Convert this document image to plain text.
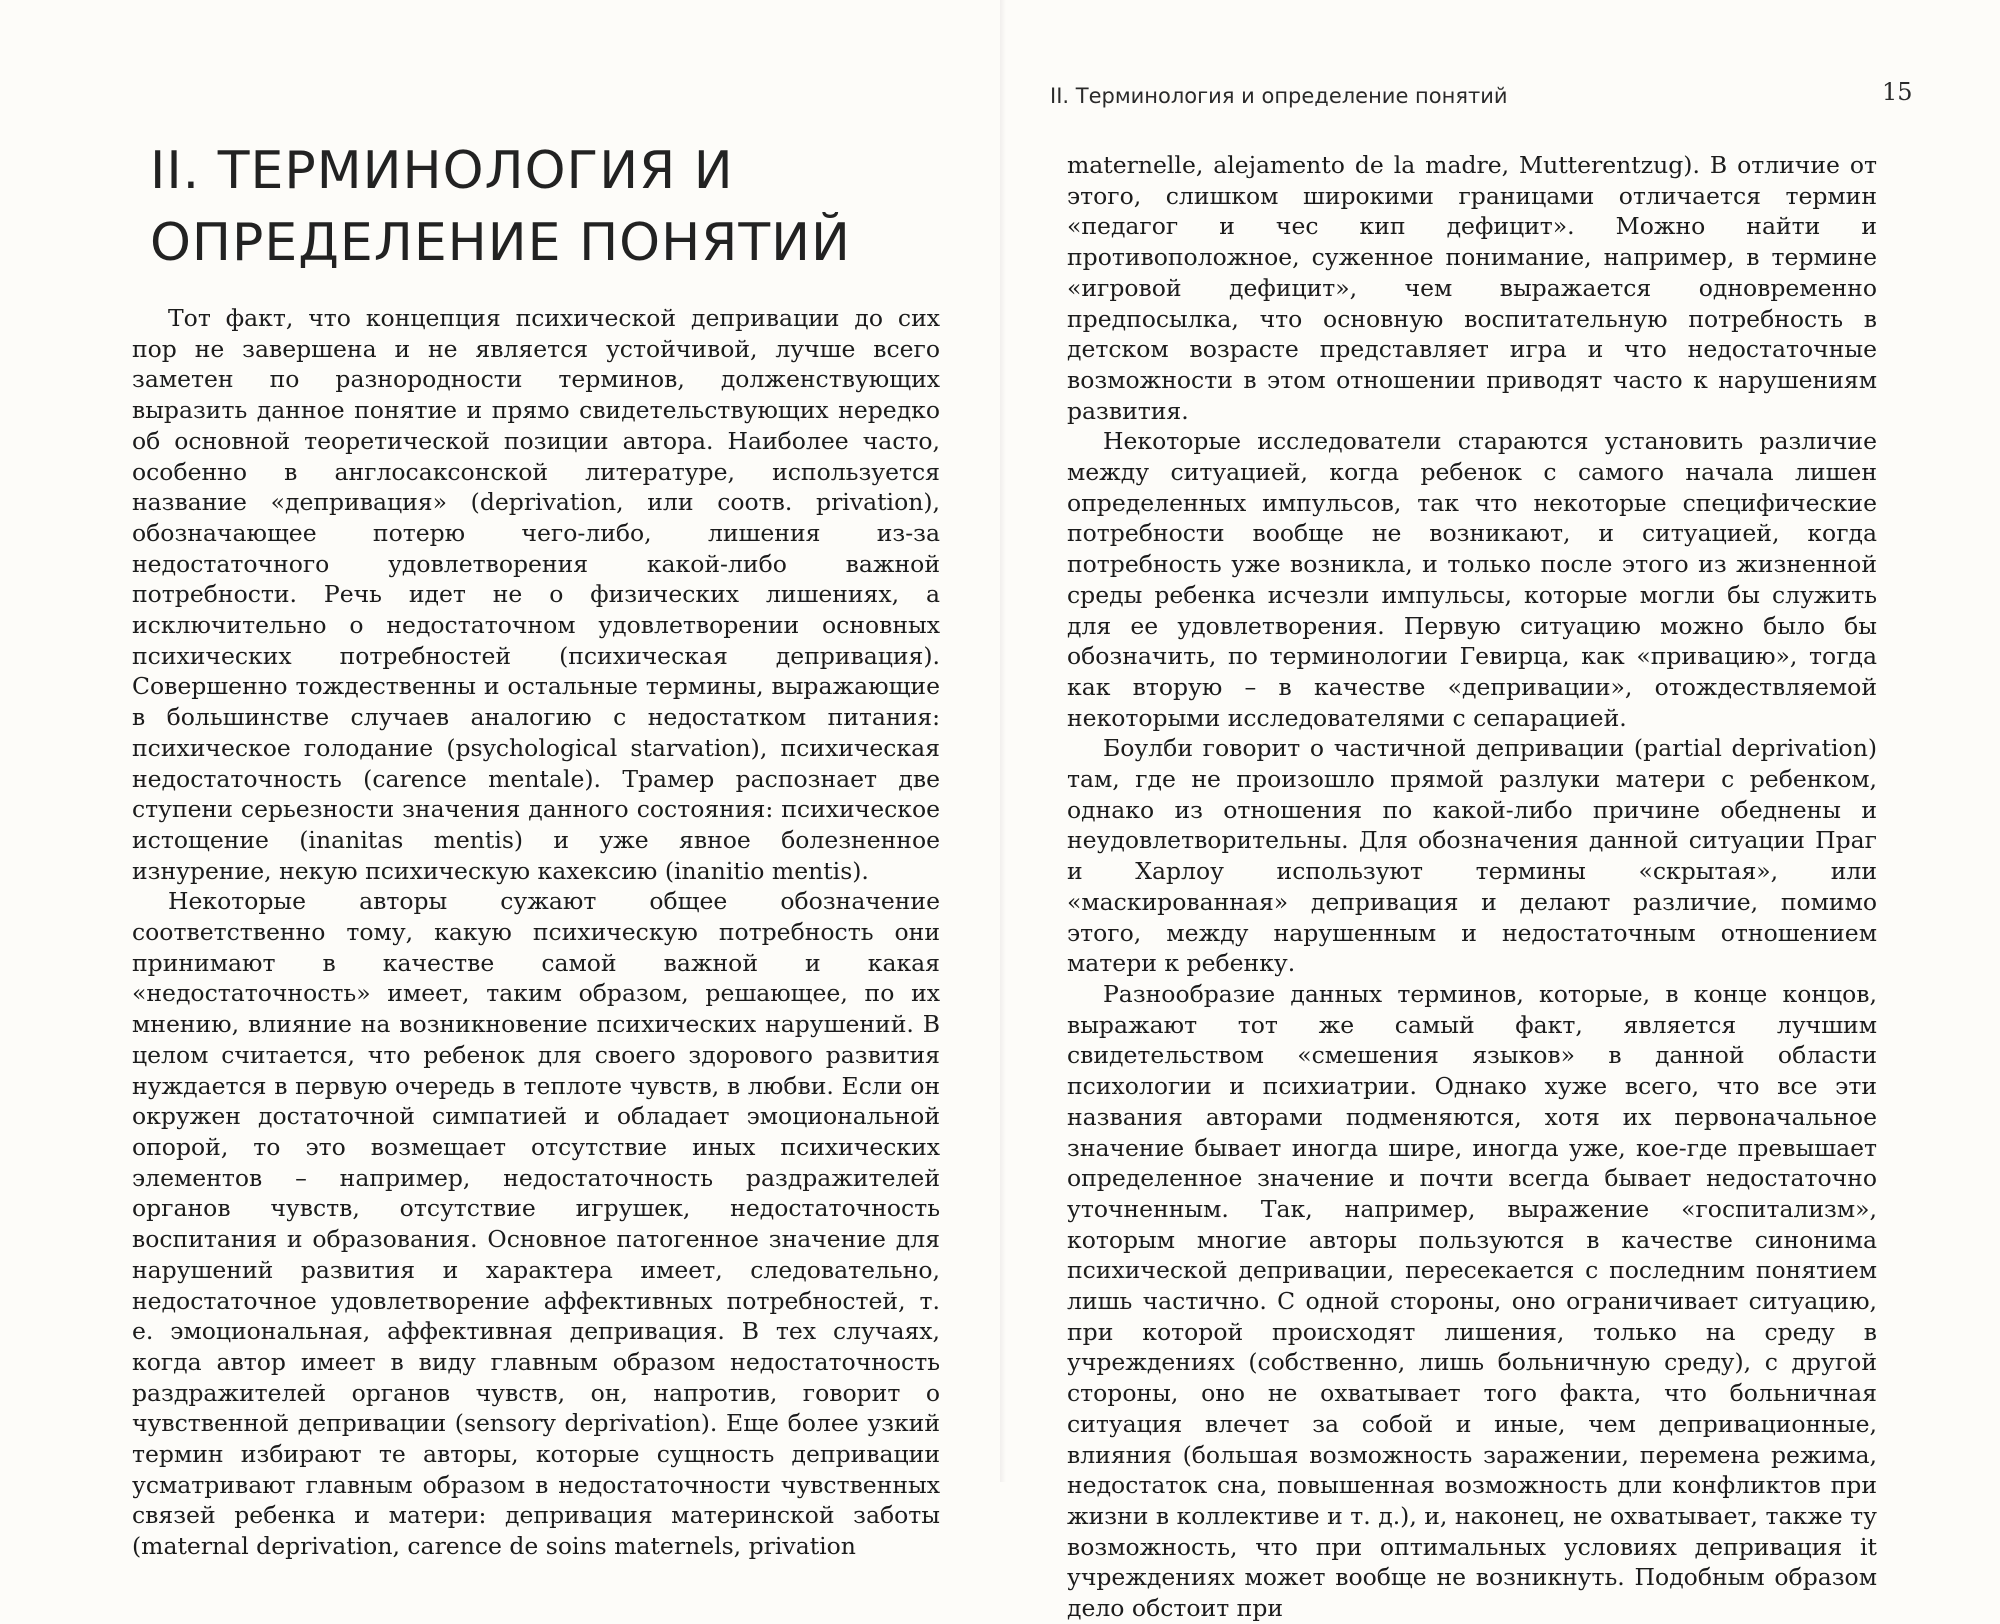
II. ТЕРМИНОЛОГИЯ И ОПРЕДЕЛЕНИЕ ПОНЯТИЙ

Тот факт, что концепция психической депривации до сих пор не завершена и не является устойчивой, лучше всего заметен по разнородности терминов, долженствующих выразить данное понятие и прямо свидетельствующих нередко об основной теоретической позиции автора. Наиболее часто, особенно в англосаксонской литературе, используется название «депривация» (deprivation, или соотв. privation), обозначающее потерю чего-либо, лишения из-за недостаточного удовлетворения какой-либо важной потребности. Речь идет не о физических лишениях, а исключительно о недостаточном удовлетворении основных психических потребностей (психическая депривация). Совершенно тождественны и остальные термины, выражающие в большинстве случаев аналогию с недостатком питания: психическое голодание (psychological starvation), психическая недостаточность (carence mentale). Трамер распознает две ступени серьезности значения данного состояния: психическое истощение (inanitas mentis) и уже явное болезненное изнурение, некую психическую кахексию (inanitio mentis).

Некоторые авторы сужают общее обозначение соответственно тому, какую психическую потребность они принимают в качестве самой важной и какая «недостаточность» имеет, таким образом, решающее, по их мнению, влияние на возникновение психических нарушений. В целом считается, что ребенок для своего здорового развития нуждается в первую очередь в теплоте чувств, в любви. Если он окружен достаточной симпатией и обладает эмоциональной опорой, то это возмещает отсутствие иных психических элементов – например, недостаточность раздражителей органов чувств, отсутствие игрушек, недостаточность воспитания и образования. Основное патогенное значение для нарушений развития и характера имеет, следовательно, недостаточное удовлетворение аффективных потребностей, т. е. эмоциональная, аффективная депривация. В тех случаях, когда автор имеет в виду главным образом недостаточность раздражителей органов чувств, он, напротив, говорит о чувственной депривации (sensory deprivation). Еще более узкий термин избирают те авторы, которые сущность депривации усматривают главным образом в недостаточности чувственных связей ребенка и матери: депривация материнской заботы (maternal deprivation, carence de soins maternels, privation

II. Терминология и определение понятий	15

maternelle, alejamento de la madre, Mutterentzug). В отличие от этого, слишком широкими границами отличается термин «педагог и чес кип дефицит». Можно найти и противоположное, суженное понимание, например, в термине «игровой дефицит», чем выражается одновременно предпосылка, что основную воспитательную потребность в детском возрасте представляет игра и что недостаточные возможности в этом отношении приводят часто к нарушениям развития.

Некоторые исследователи стараются установить различие между ситуацией, когда ребенок с самого начала лишен определенных импульсов, так что некоторые специфические потребности вообще не возникают, и ситуацией, когда потребность уже возникла, и только после этого из жизненной среды ребенка исчезли импульсы, которые могли бы служить для ее удовлетворения. Первую ситуацию можно было бы обозначить, по терминологии Гевирца, как «привацию», тогда как вторую – в качестве «депривации», отождествляемой некоторыми исследователями с сепарацией.

Боулби говорит о частичной депривации (partial deprivation) там, где не произошло прямой разлуки матери с ребенком, однако из отношения по какой-либо причине обеднены и неудовлетворительны. Для обозначения данной ситуации Праг и Харлоу используют термины «скрытая», или «маскированная» депривация и делают различие, помимо этого, между нарушенным и недостаточным отношением матери к ребенку.

Разнообразие данных терминов, которые, в конце концов, выражают тот же самый факт, является лучшим свидетельством «смешения языков» в данной области психологии и психиатрии. Однако хуже всего, что все эти названия авторами подменяются, хотя их первоначальное значение бывает иногда шире, иногда уже, кое-где превышает определенное значение и почти всегда бывает недостаточно уточненным. Так, например, выражение «госпитализм», которым многие авторы пользуются в качестве синонима психической депривации, пересекается с последним понятием лишь частично. С одной стороны, оно ограничивает ситуацию, при которой происходят лишения, только на среду в учреждениях (собственно, лишь больничную среду), с другой стороны, оно не охватывает того факта, что больничная ситуация влечет за собой и иные, чем депривационные, влияния (большая возможность заражении, перемена режима, недостаток сна, повышенная возможность дли конфликтов при жизни в коллективе и т. д.), и, наконец, не охватывает, также ту возможность, что при оптимальных условиях депривация it учреждениях может вообще не возникнуть. Подобным образом дело обстоит при
